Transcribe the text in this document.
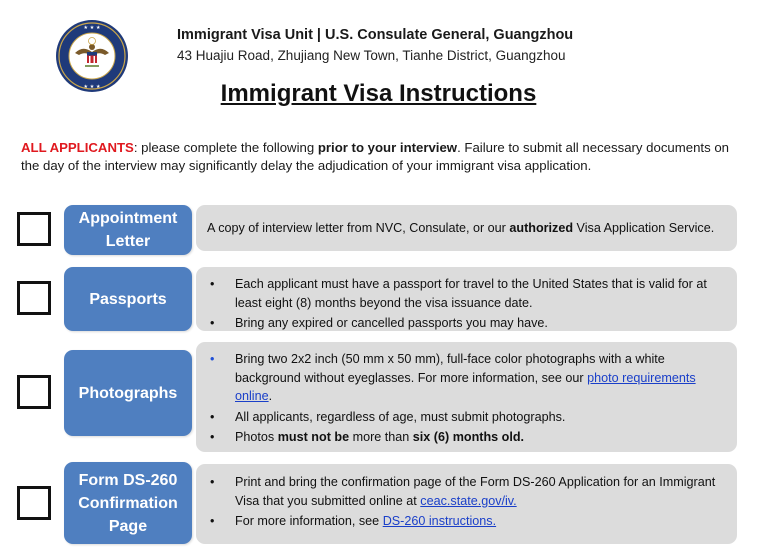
★ ★ ★
★ ★ ★
Immigrant Visa Unit | U.S. Consulate General, Guangzhou
43 Huajiu Road, Zhujiang New Town, Tianhe District, Guangzhou
Immigrant Visa Instructions
ALL APPLICANTS: please complete the following prior to your interview. Failure to submit all necessary documents on the day of the interview may significantly delay the adjudication of your immigrant visa application.
Appointment
Letter
A copy of interview letter from NVC, Consulate, or our authorized Visa Application Service.
Passports
• Each applicant must have a passport for travel to the United States that is valid for at least eight (8) months beyond the visa issuance date.
• Bring any expired or cancelled passports you may have.
Photographs
• Bring two 2x2 inch (50 mm x 50 mm), full-face color photographs with a white background without eyeglasses. For more information, see our photo requirements online.
• All applicants, regardless of age, must submit photographs.
• Photos must not be more than six (6) months old.
Form DS-260
Confirmation
Page
• Print and bring the confirmation page of the Form DS-260 Application for an Immigrant Visa that you submitted online at ceac.state.gov/iv.
• For more information, see DS-260 instructions.
